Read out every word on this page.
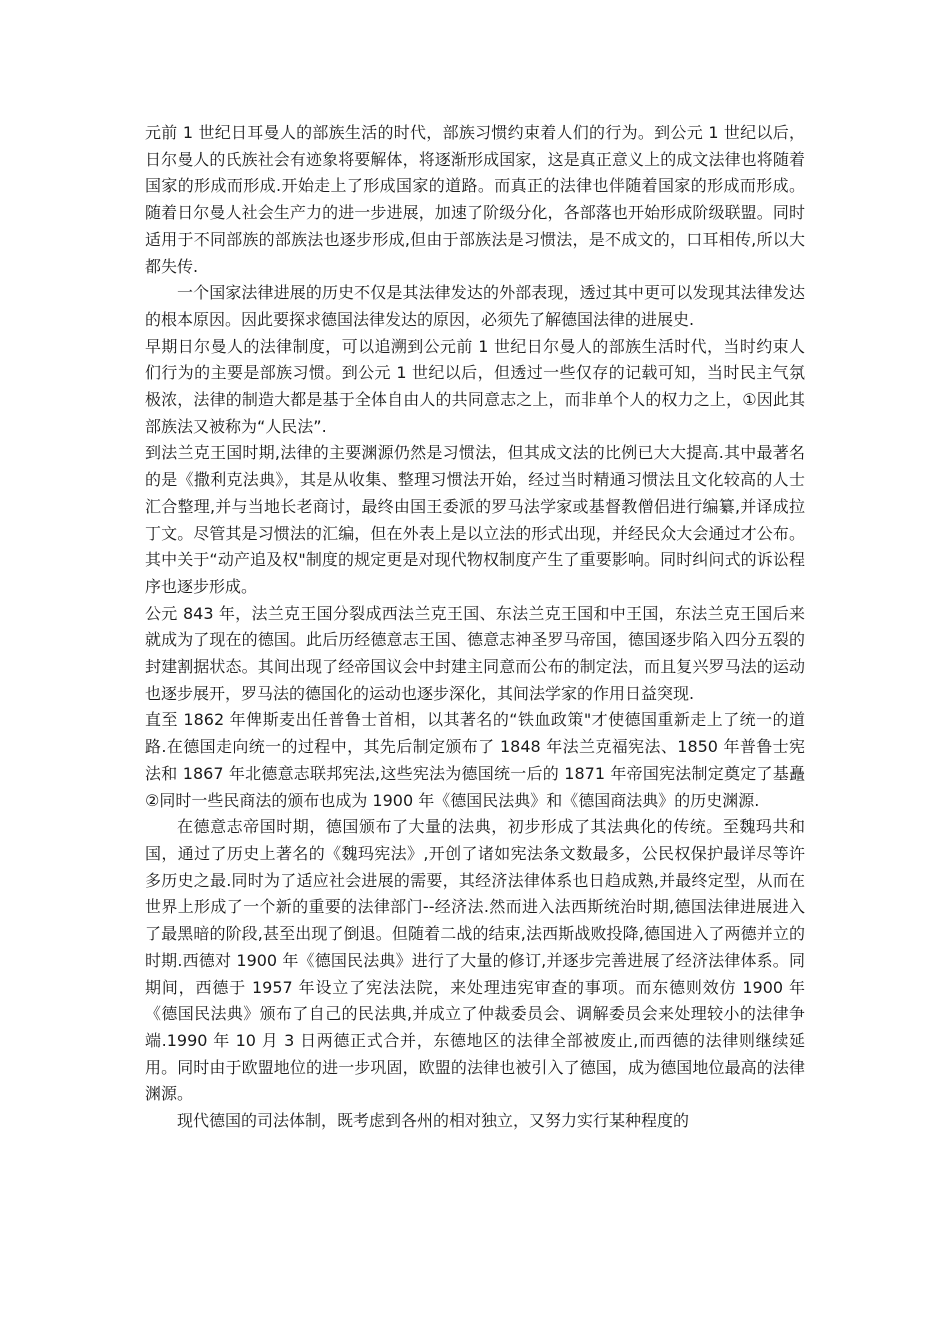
元前 1 世纪日耳曼人的部族生活的时代，部族习惯约束着人们的行为。到公元 1 世纪以后，日尔曼人的氏族社会有迹象将要解体，将逐渐形成国家，这是真正意义上的成文法律也将随着国家的形成而形成.开始走上了形成国家的道路。而真正的法律也伴随着国家的形成而形成。随着日尔曼人社会生产力的进一步进展，加速了阶级分化，各部落也开始形成阶级联盟。同时适用于不同部族的部族法也逐步形成,但由于部族法是习惯法，是不成文的，口耳相传,所以大都失传.

一个国家法律进展的历史不仅是其法律发达的外部表现，透过其中更可以发现其法律发达的根本原因。因此要探求德国法律发达的原因，必须先了解德国法律的进展史.

早期日尔曼人的法律制度，可以追溯到公元前 1 世纪日尔曼人的部族生活时代，当时约束人们行为的主要是部族习惯。到公元 1 世纪以后，但透过一些仅存的记载可知，当时民主气氛极浓，法律的制造大都是基于全体自由人的共同意志之上，而非单个人的权力之上，①因此其部族法又被称为“人民法”.

到法兰克王国时期,法律的主要渊源仍然是习惯法，但其成文法的比例已大大提高.其中最著名的是《撒利克法典》，其是从收集、整理习惯法开始，经过当时精通习惯法且文化较高的人士汇合整理,并与当地长老商讨，最终由国王委派的罗马法学家或基督教僧侣进行编纂,并译成拉丁文。尽管其是习惯法的汇编，但在外表上是以立法的形式出现，并经民众大会通过才公布。其中关于“动产追及权"制度的规定更是对现代物权制度产生了重要影响。同时纠问式的诉讼程序也逐步形成。

公元 843 年，法兰克王国分裂成西法兰克王国、东法兰克王国和中王国，东法兰克王国后来就成为了现在的德国。此后历经德意志王国、德意志神圣罗马帝国，德国逐步陷入四分五裂的封建割据状态。其间出现了经帝国议会中封建主同意而公布的制定法，而且复兴罗马法的运动也逐步展开，罗马法的德国化的运动也逐步深化，其间法学家的作用日益突现.

直至 1862 年俾斯麦出任普鲁士首相，以其著名的“铁血政策"才使德国重新走上了统一的道路.在德国走向统一的过程中，其先后制定颁布了 1848 年法兰克福宪法、1850 年普鲁士宪法和 1867 年北德意志联邦宪法,这些宪法为德国统一后的 1871 年帝国宪法制定奠定了基矗②同时一些民商法的颁布也成为 1900 年《德国民法典》和《德国商法典》的历史渊源.

在德意志帝国时期，德国颁布了大量的法典，初步形成了其法典化的传统。至魏玛共和国，通过了历史上著名的《魏玛宪法》,开创了诸如宪法条文数最多，公民权保护最详尽等许多历史之最.同时为了适应社会进展的需要，其经济法律体系也日趋成熟,并最终定型，从而在世界上形成了一个新的重要的法律部门--经济法.然而进入法西斯统治时期,德国法律进展进入了最黑暗的阶段,甚至出现了倒退。但随着二战的结束,法西斯战败投降,德国进入了两德并立的时期.西德对 1900 年《德国民法典》进行了大量的修订,并逐步完善进展了经济法律体系。同期间，西德于 1957 年设立了宪法法院，来处理违宪审查的事项。而东德则效仿 1900 年《德国民法典》颁布了自己的民法典,并成立了仲裁委员会、调解委员会来处理较小的法律争端.1990 年 10 月 3 日两德正式合并，东德地区的法律全部被废止,而西德的法律则继续延用。同时由于欧盟地位的进一步巩固，欧盟的法律也被引入了德国，成为德国地位最高的法律渊源。

现代德国的司法体制，既考虑到各州的相对独立，又努力实行某种程度的
